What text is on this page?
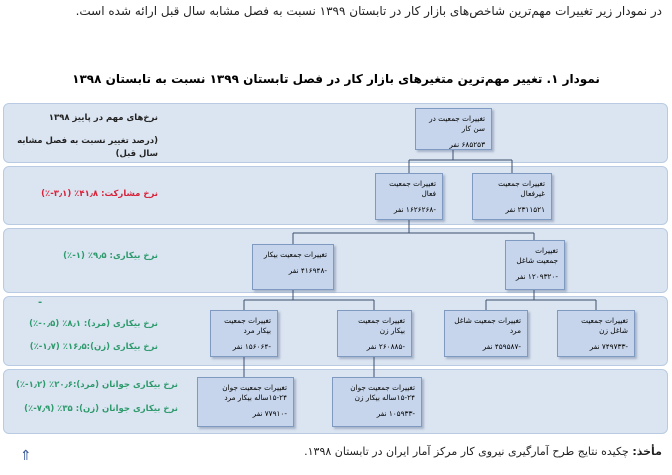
در نمودار زیر تغییرات مهم‌ترین شاخص‌های بازار کار در تابستان ۱۳۹۹ نسبت به فصل مشابه سال قبل ارائه شده است.
نمودار ۱. تغییر مهم‌ترین متغیرهای بازار کار در فصل تابستان ۱۳۹۹ نسبت به تابستان ۱۳۹۸
نرخ‌های مهم در پاییز ۱۳۹۸
(درصد تغییر نسبت به فصل مشابه سال قبل)
نرخ مشارکت: ۴۱٫۸٪ (۳٫۱-٪)
نرخ بیکاری: ۹٫۵٪ (۱-٪)
-
نرخ بیکاری (مرد): ۸٫۱٪ (۰٫۵-٪)
نرخ بیکاری (زن):۱۶٫۵٪ (۱٫۷-٪)
نرخ بیکاری جوانان (مرد):۲۰٫۶٪ (۱٫۲-٪)
نرخ بیکاری جوانان (زن): ۳۵٪ (۷٫۹-٪)
تغییرات جمعیت در سن کار
۶۸۵۲۵۳ نفر
تغییرات جمعیت فعال
-۱۶۲۶۲۶۸ نفر
تغییرات جمعیت غیرفعال
۲۳۱۱۵۲۱ نفر
تغییرات جمعیت بیکار
-۴۱۶۹۴۸ نفر
تغییرات جمعیت شاغل
-۱۲۰۹۳۲۰ نفر
تغییرات جمعیت بیکار مرد
-۱۵۶۰۶۴ نفر
تغییرات جمعیت بیکار زن
-۲۶۰۸۸۵ نفر
تغییرات جمعیت شاغل مرد
-۴۵۹۵۸۷ نفر
تغییرات جمعیت شاغل زن
-۷۴۹۷۳۳ نفر
تغییرات جمعیت جوان ۲۴-۱۵ساله بیکار مرد
-۷۷۹۱۰ نفر
تغییرات جمعیت جوان ۲۴-۱۵ساله بیکار زن
-۱۰۵۹۳۳ نفر
مأخذ: چکیده نتایج طرح آمارگیری نیروی کار مرکز آمار ایران در تابستان ۱۳۹۸.
⇑
